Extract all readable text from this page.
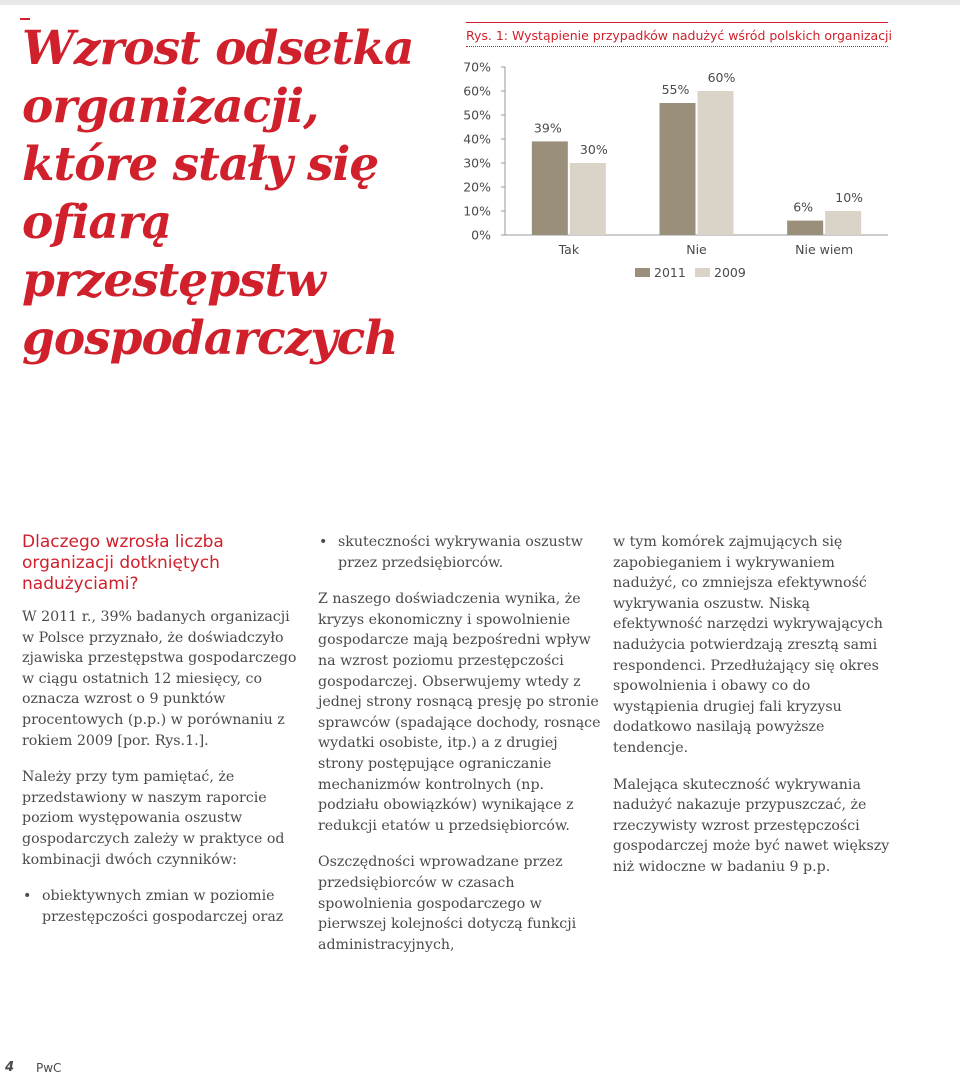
Wzrost odsetka organizacji, które stały się ofiarą przestępstw gospodarczych
Rys. 1: Wystąpienie przypadków nadużyć wśród polskich organizacji
0%
10%
20%
30%
40%
50%
60%
70%
39%
30%
Tak
55%
60%
Nie
6%
10%
Nie wiem
2011 2009
Dlaczego wzrosła liczba organizacji dotkniętych nadużyciami?

W 2011 r., 39% badanych organizacji w Polsce przyznało, że doświadczyło zjawiska przestępstwa gospodarczego w ciągu ostatnich 12 miesięcy, co oznacza wzrost o 9 punktów procentowych (p.p.) w porównaniu z rokiem 2009 [por. Rys.1.].

Należy przy tym pamiętać, że przedstawiony w naszym raporcie poziom występowania oszustw gospodarczych zależy w praktyce od kombinacji dwóch czynników:

• obiektywnych zmian w poziomie przestępczości gospodarczej oraz
• skuteczności wykrywania oszustw przez przedsiębiorców.

Z naszego doświadczenia wynika, że kryzys ekonomiczny i spowolnienie gospodarcze mają bezpośredni wpływ na wzrost poziomu przestępczości gospodarczej. Obserwujemy wtedy z jednej strony rosnącą presję po stronie sprawców (spadające dochody, rosnące wydatki osobiste, itp.) a z drugiej strony postępujące ograniczanie mechanizmów kontrolnych (np. podziału obowiązków) wynikające z redukcji etatów u przedsiębiorców.

Oszczędności wprowadzane przez przedsiębiorców w czasach spowolnienia gospodarczego w pierwszej kolejności dotyczą funkcji administracyjnych,

w tym komórek zajmujących się zapobieganiem i wykrywaniem nadużyć, co zmniejsza efektywność wykrywania oszustw. Niską efektywność narzędzi wykrywających nadużycia potwierdzają zresztą sami respondenci. Przedłużający się okres spowolnienia i obawy co do wystąpienia drugiej fali kryzysu dodatkowo nasilają powyższe tendencje.

Malejąca skuteczność wykrywania nadużyć nakazuje przypuszczać, że rzeczywisty wzrost przestępczości gospodarczej może być nawet większy niż widoczne w badaniu 9 p.p.

4 PwC
